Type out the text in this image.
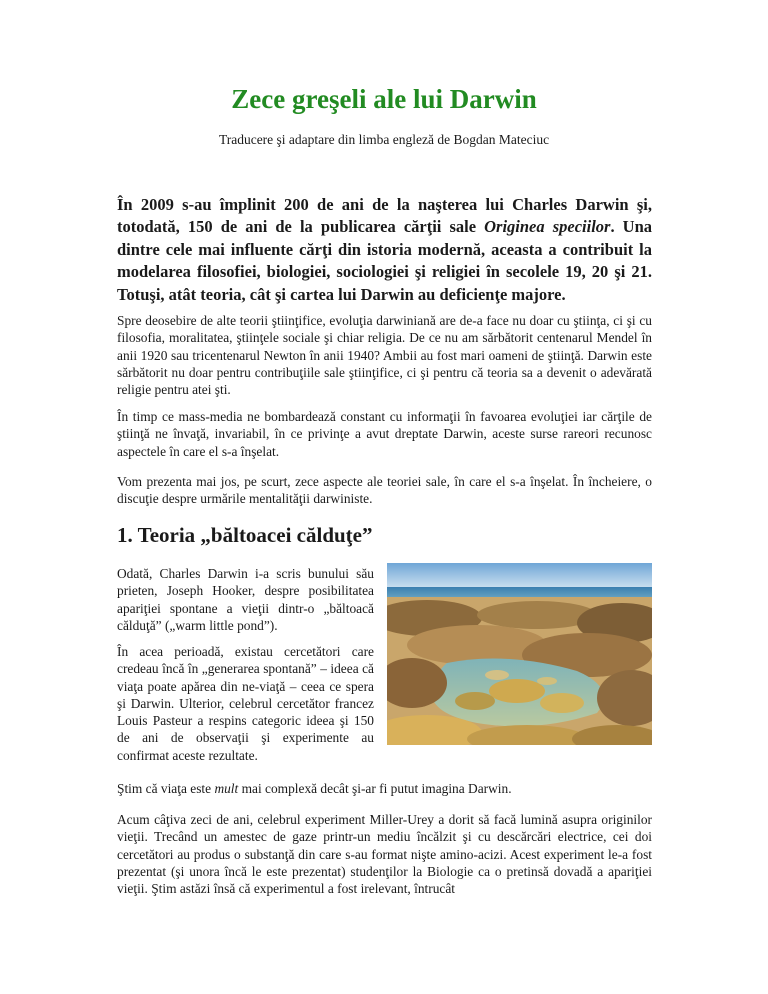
Zece greşeli ale lui Darwin

Traducere şi adaptare din limba engleză de Bogdan Mateciuc

În 2009 s-au împlinit 200 de ani de la naşterea lui Charles Darwin şi, totodată, 150 de ani de la publicarea cărţii sale Originea speciilor. Una dintre cele mai influente cărţi din istoria modernă, aceasta a contribuit la modelarea filosofiei, biologiei, sociologiei şi religiei în secolele 19, 20 şi 21. Totuşi, atât teoria, cât şi cartea lui Darwin au deficienţe majore.

Spre deosebire de alte teorii ştiinţifice, evoluţia darwiniană are de-a face nu doar cu ştiinţa, ci şi cu filosofia, moralitatea, ştiinţele sociale şi chiar religia. De ce nu am sărbătorit centenarul Mendel în anii 1920 sau tricentenarul Newton în anii 1940? Ambii au fost mari oameni de ştiinţă. Darwin este sărbătorit nu doar pentru contribuţiile sale ştiinţifice, ci şi pentru că teoria sa a devenit o adevărată religie pentru atei şti.

În timp ce mass-media ne bombardează constant cu informaţii în favoarea evoluţiei iar cărţile de ştiinţă ne învaţă, invariabil, în ce privinţe a avut dreptate Darwin, aceste surse rareori recunosc aspectele în care el s-a înşelat.

Vom prezenta mai jos, pe scurt, zece aspecte ale teoriei sale, în care el s-a înşelat. În încheiere, o discuţie despre urmările mentalităţii darwiniste.

1. Teoria „băltoacei călduţe”

Odată, Charles Darwin i-a scris bunului său prieten, Joseph Hooker, despre posibilitatea apariţiei spontane a vieţii dintr-o „băltoacă călduţă” („warm little pond”).

În acea perioadă, existau cercetători care credeau încă în „generarea spontană” – ideea că viaţa poate apărea din ne-viaţă – ceea ce spera şi Darwin. Ulterior, celebrul cercetător francez Louis Pasteur a respins categoric ideea şi 150 de ani de observaţii şi experimente au confirmat aceste rezultate.

Ştim că viaţa este mult mai complexă decât şi-ar fi putut imagina Darwin.

Acum câţiva zeci de ani, celebrul experiment Miller-Urey a dorit să facă lumină asupra originilor vieţii. Trecând un amestec de gaze printr-un mediu încălzit şi cu descărcări electrice, cei doi cercetători au produs o substanţă din care s-au format nişte amino-acizi. Acest experiment le-a fost prezentat (şi unora încă le este prezentat) studenţilor la Biologie ca o pretinsă dovadă a apariţiei vieţii. Ştim astăzi însă că experimentul a fost irelevant, întrucât
